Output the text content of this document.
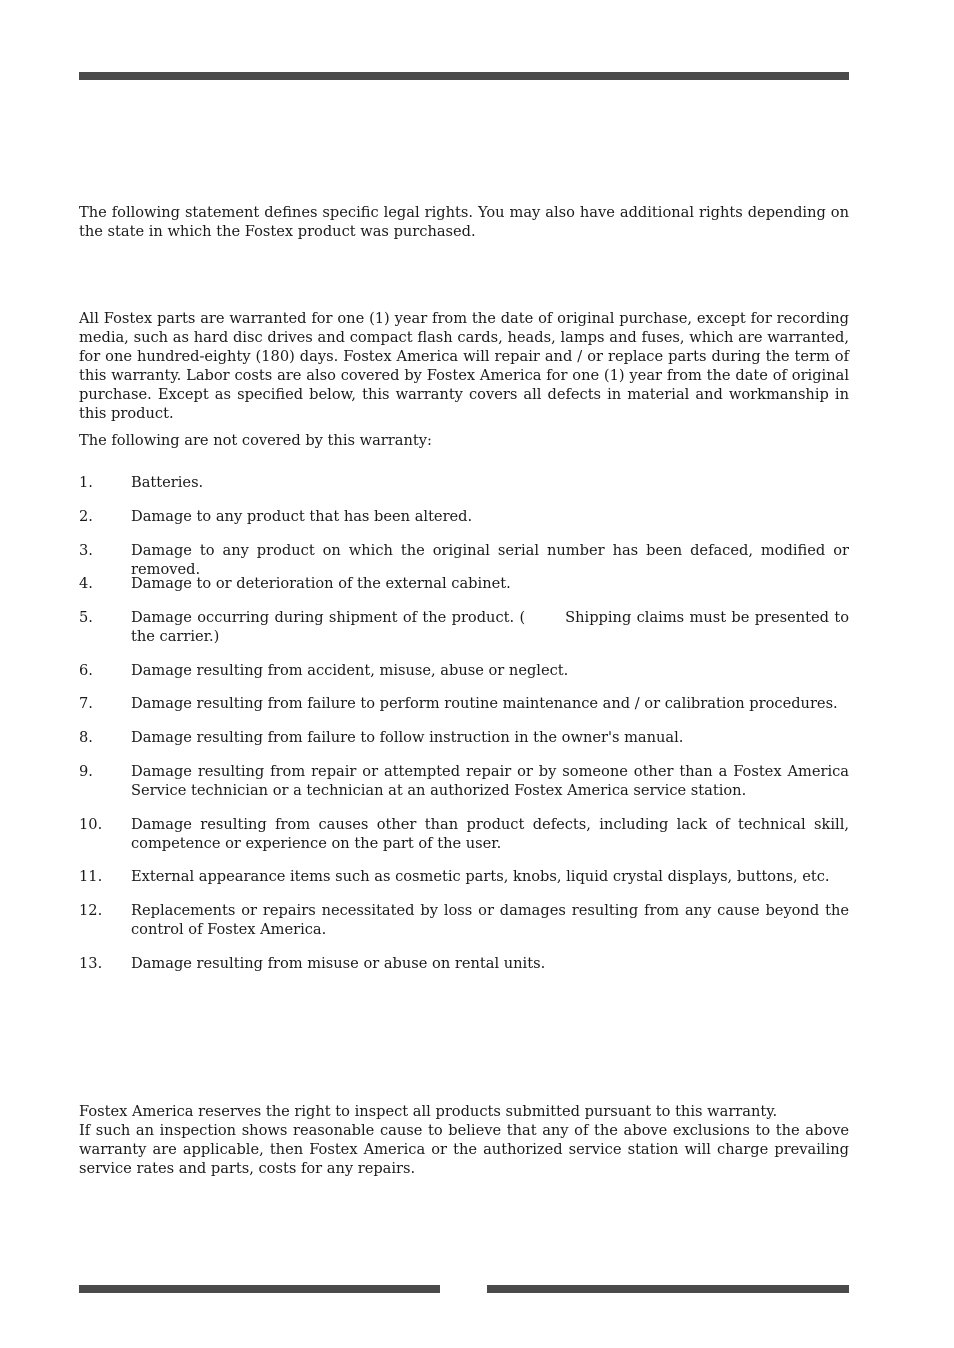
The following statement defines specific legal rights. You may also have additional rights depending on the state in which the Fostex product was purchased.

All Fostex parts are warranted for one (1) year from the date of original purchase, except for recording media, such as hard disc drives and compact flash cards, heads, lamps and fuses, which are warranted, for one hundred-eighty (180) days. Fostex America will repair and / or replace parts during the term of this warranty. Labor costs are also covered by Fostex America for one (1) year from the date of original purchase. Except as specified below, this warranty covers all defects in material and workmanship in this product.

The following are not covered by this warranty:

1.	Batteries.
2.	Damage to any product that has been altered.
3.	Damage to any product on which the original serial number has been defaced, modified or removed.
4.	Damage to or deterioration of the external cabinet.
5.	Damage occurring during shipment of the product. (	Shipping claims must be presented to the carrier.)
6.	Damage resulting from accident, misuse, abuse or neglect.
7.	Damage resulting from failure to perform routine maintenance and / or calibration procedures.
8.	Damage resulting from failure to follow instruction in the owner's manual.
9.	Damage resulting from repair or attempted repair or by someone other than a Fostex America Service technician or a technician at an authorized Fostex America service station.
10.	Damage resulting from causes other than product defects, including lack of technical skill, competence or experience on the part of the user.
11.	External appearance items such as cosmetic parts, knobs, liquid crystal displays, buttons, etc.
12.	Replacements or repairs necessitated by loss or damages resulting from any cause beyond the control of Fostex America.
13.	Damage resulting from misuse or abuse on rental units.

Fostex America reserves the right to inspect all products submitted pursuant to this warranty.

If such an inspection shows reasonable cause to believe that any of the above exclusions to the above warranty are applicable, then Fostex America or the authorized service station will charge prevailing service rates and parts, costs for any repairs.
